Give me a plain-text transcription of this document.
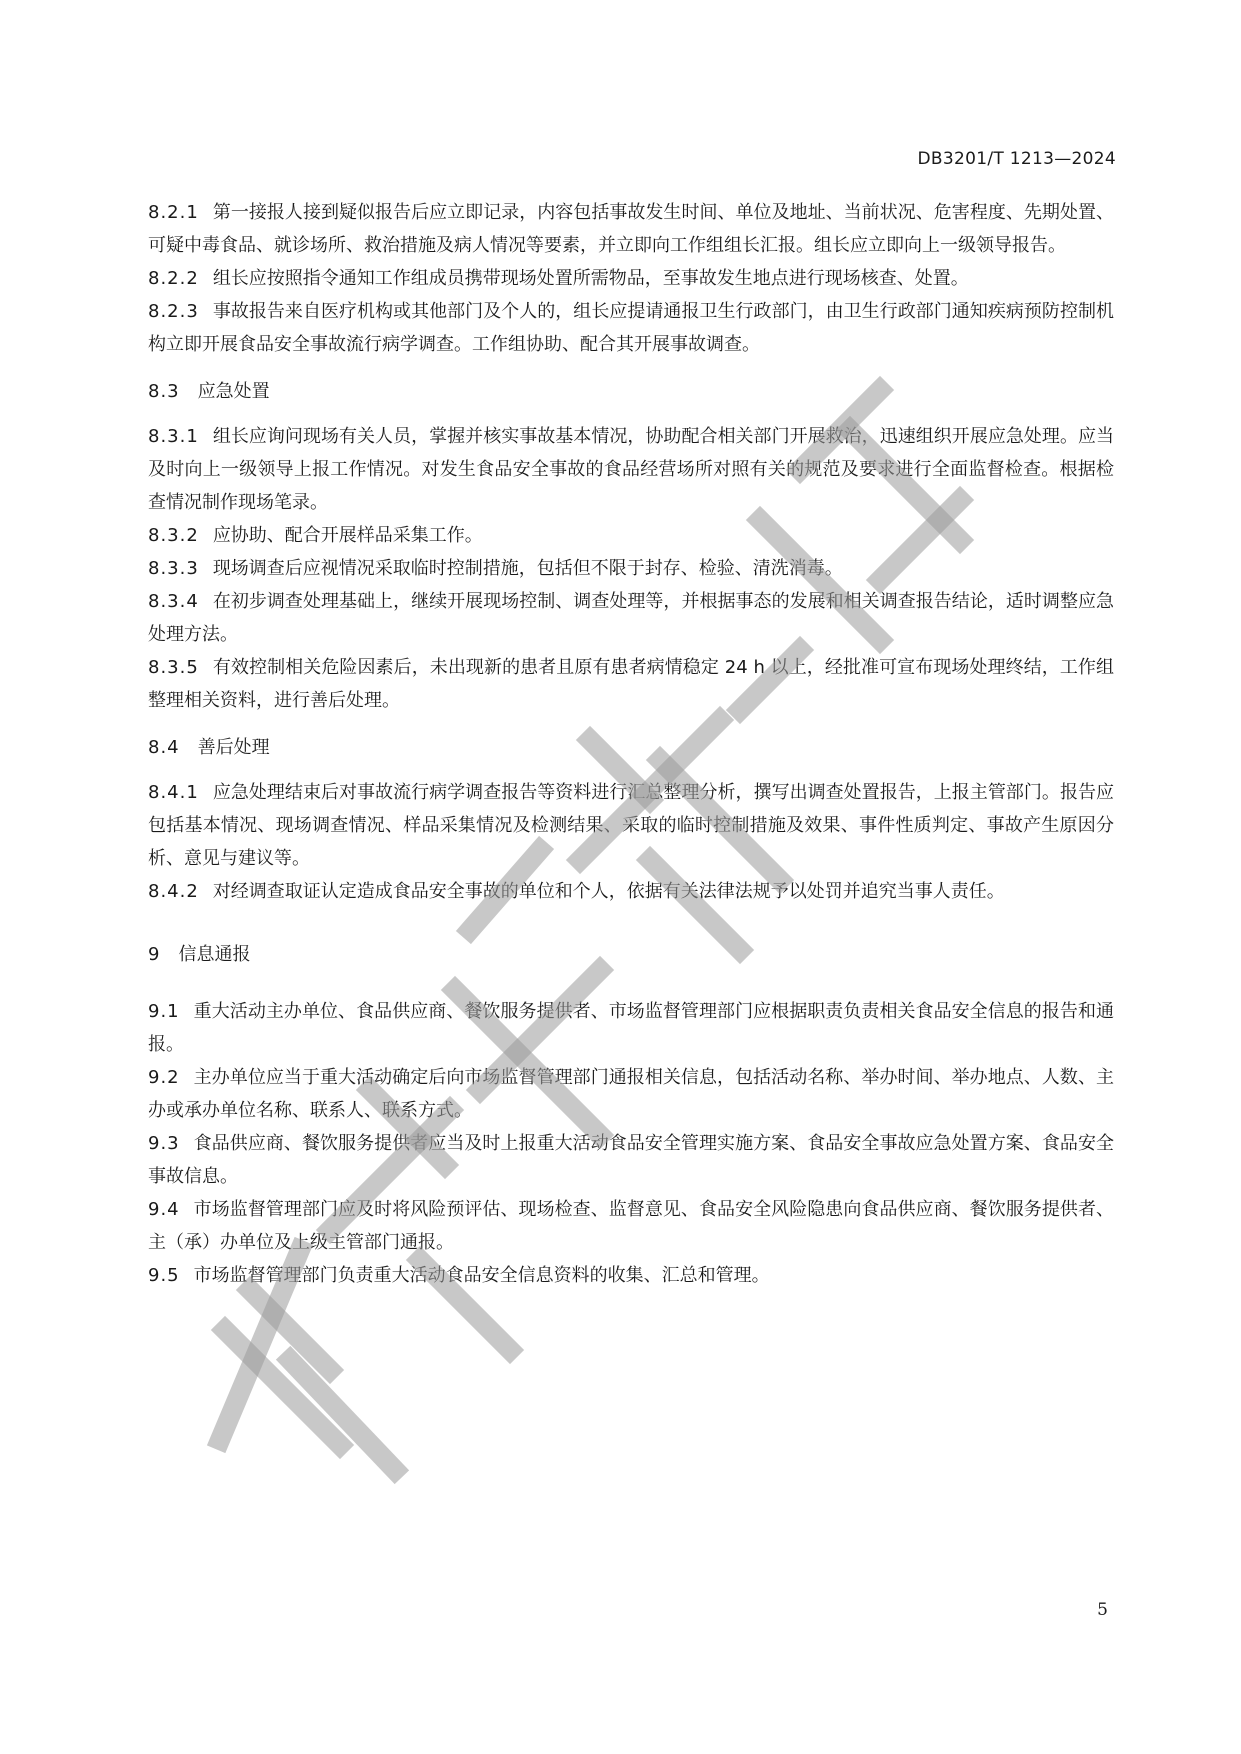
DB3201/T 1213—2024

8.2.1 第一接报人接到疑似报告后应立即记录，内容包括事故发生时间、单位及地址、当前状况、危害程度、先期处置、可疑中毒食品、就诊场所、救治措施及病人情况等要素，并立即向工作组组长汇报。组长应立即向上一级领导报告。

8.2.2 组长应按照指令通知工作组成员携带现场处置所需物品，至事故发生地点进行现场核查、处置。

8.2.3 事故报告来自医疗机构或其他部门及个人的，组长应提请通报卫生行政部门，由卫生行政部门通知疾病预防控制机构立即开展食品安全事故流行病学调查。工作组协助、配合其开展事故调查。

8.3 应急处置

8.3.1 组长应询问现场有关人员，掌握并核实事故基本情况，协助配合相关部门开展救治，迅速组织开展应急处理。应当及时向上一级领导上报工作情况。对发生食品安全事故的食品经营场所对照有关的规范及要求进行全面监督检查。根据检查情况制作现场笔录。

8.3.2 应协助、配合开展样品采集工作。

8.3.3 现场调查后应视情况采取临时控制措施，包括但不限于封存、检验、清洗消毒。

8.3.4 在初步调查处理基础上，继续开展现场控制、调查处理等，并根据事态的发展和相关调查报告结论，适时调整应急处理方法。

8.3.5 有效控制相关危险因素后，未出现新的患者且原有患者病情稳定 24 h 以上，经批准可宣布现场处理终结，工作组整理相关资料，进行善后处理。

8.4 善后处理

8.4.1 应急处理结束后对事故流行病学调查报告等资料进行汇总整理分析，撰写出调查处置报告，上报主管部门。报告应包括基本情况、现场调查情况、样品采集情况及检测结果、采取的临时控制措施及效果、事件性质判定、事故产生原因分析、意见与建议等。

8.4.2 对经调查取证认定造成食品安全事故的单位和个人，依据有关法律法规予以处罚并追究当事人责任。

9 信息通报

9.1 重大活动主办单位、食品供应商、餐饮服务提供者、市场监督管理部门应根据职责负责相关食品安全信息的报告和通报。

9.2 主办单位应当于重大活动确定后向市场监督管理部门通报相关信息，包括活动名称、举办时间、举办地点、人数、主办或承办单位名称、联系人、联系方式。

9.3 食品供应商、餐饮服务提供者应当及时上报重大活动食品安全管理实施方案、食品安全事故应急处置方案、食品安全事故信息。

9.4 市场监督管理部门应及时将风险预评估、现场检查、监督意见、食品安全风险隐患向食品供应商、餐饮服务提供者、主（承）办单位及上级主管部门通报。

9.5 市场监督管理部门负责重大活动食品安全信息资料的收集、汇总和管理。

5
